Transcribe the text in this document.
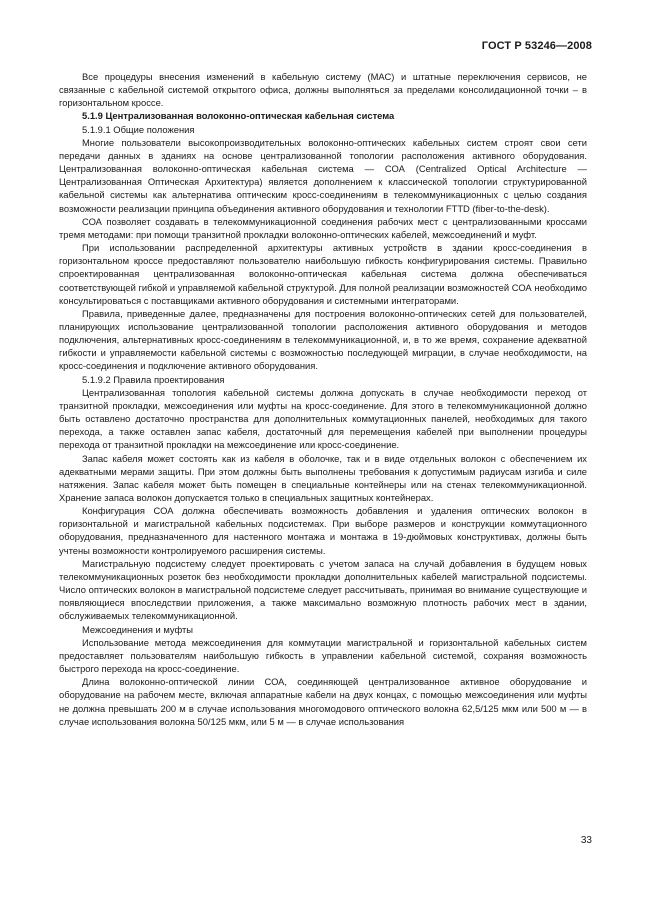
ГОСТ Р 53246—2008

Все процедуры внесения изменений в кабельную систему (МАС) и штатные переключения сервисов, не связанные с кабельной системой открытого офиса, должны выполняться за пределами консолидационной точки – в горизонтальном кроссе.

5.1.9 Централизованная волоконно-оптическая кабельная система

5.1.9.1 Общие положения

Многие пользователи высокопроизводительных волоконно-оптических кабельных систем строят свои сети передачи данных в зданиях на основе централизованной топологии расположения активного оборудования. Централизованная волоконно-оптическая кабельная система — СОА (Centralized Optical Architecture — Централизованная Оптическая Архитектура) является дополнением к классической топологии структурированной кабельной системы как альтернатива оптическим кросс-соединениям в телекоммуникационных с целью создания возможности реализации принципа объединения активного оборудования и технологии FTTD (fiber-to-the-desk).

СОА позволяет создавать в телекоммуникационной соединения рабочих мест с централизованными кроссами тремя методами: при помощи транзитной прокладки волоконно-оптических кабелей, межсоединений и муфт.

При использовании распределенной архитектуры активных устройств в здании кросс-соединения в горизонтальном кроссе предоставляют пользователю наибольшую гибкость конфигурирования системы. Правильно спроектированная централизованная волоконно-оптическая кабельная система должна обеспечиваться соответствующей гибкой и управляемой кабельной структурой. Для полной реализации возможностей СОА необходимо консультироваться с поставщиками активного оборудования и системными интеграторами.

Правила, приведенные далее, предназначены для построения волоконно-оптических сетей для пользователей, планирующих использование централизованной топологии расположения активного оборудования и методов подключения, альтернативных кросс-соединениям в телекоммуникационной, и, в то же время, сохранение адекватной гибкости и управляемости кабельной системы с возможностью последующей миграции, в случае необходимости, на кросс-соединения и подключение активного оборудования.

5.1.9.2 Правила проектирования

Централизованная топология кабельной системы должна допускать в случае необходимости переход от транзитной прокладки, межсоединения или муфты на кросс-соединение. Для этого в телекоммуникационной должно быть оставлено достаточно пространства для дополнительных коммутационных панелей, необходимых для такого перехода, а также оставлен запас кабеля, достаточный для перемещения кабелей при выполнении процедуры перехода от транзитной прокладки на межсоединение или кросс-соединение.

Запас кабеля может состоять как из кабеля в оболочке, так и в виде отдельных волокон с обеспечением их адекватными мерами защиты. При этом должны быть выполнены требования к допустимым радиусам изгиба и силе натяжения. Запас кабеля может быть помещен в специальные контейнеры или на стенах телекоммуникационной. Хранение запаса волокон допускается только в специальных защитных контейнерах.

Конфигурация СОА должна обеспечивать возможность добавления и удаления оптических волокон в горизонтальной и магистральной кабельных подсистемах. При выборе размеров и конструкции коммутационного оборудования, предназначенного для настенного монтажа и монтажа в 19-дюймовых конструктивах, должны быть учтены возможности контролируемого расширения системы.

Магистральную подсистему следует проектировать с учетом запаса на случай добавления в будущем новых телекоммуникационных розеток без необходимости прокладки дополнительных кабелей магистральной подсистемы. Число оптических волокон в магистральной подсистеме следует рассчитывать, принимая во внимание существующие и появляющиеся впоследствии приложения, а также максимально возможную плотность рабочих мест в здании, обслуживаемых телекоммуникационной.

Межсоединения и муфты

Использование метода межсоединения для коммутации магистральной и горизонтальной кабельных систем предоставляет пользователям наибольшую гибкость в управлении кабельной системой, сохраняя возможность быстрого перехода на кросс-соединение.

Длина волоконно-оптической линии СОА, соединяющей централизованное активное оборудование и оборудование на рабочем месте, включая аппаратные кабели на двух концах, с помощью межсоединения или муфты не должна превышать 200 м в случае использования многомодового оптического волокна 62,5/125 мкм или 500 м — в случае использования волокна 50/125 мкм, или 5 м — в случае использования

33
